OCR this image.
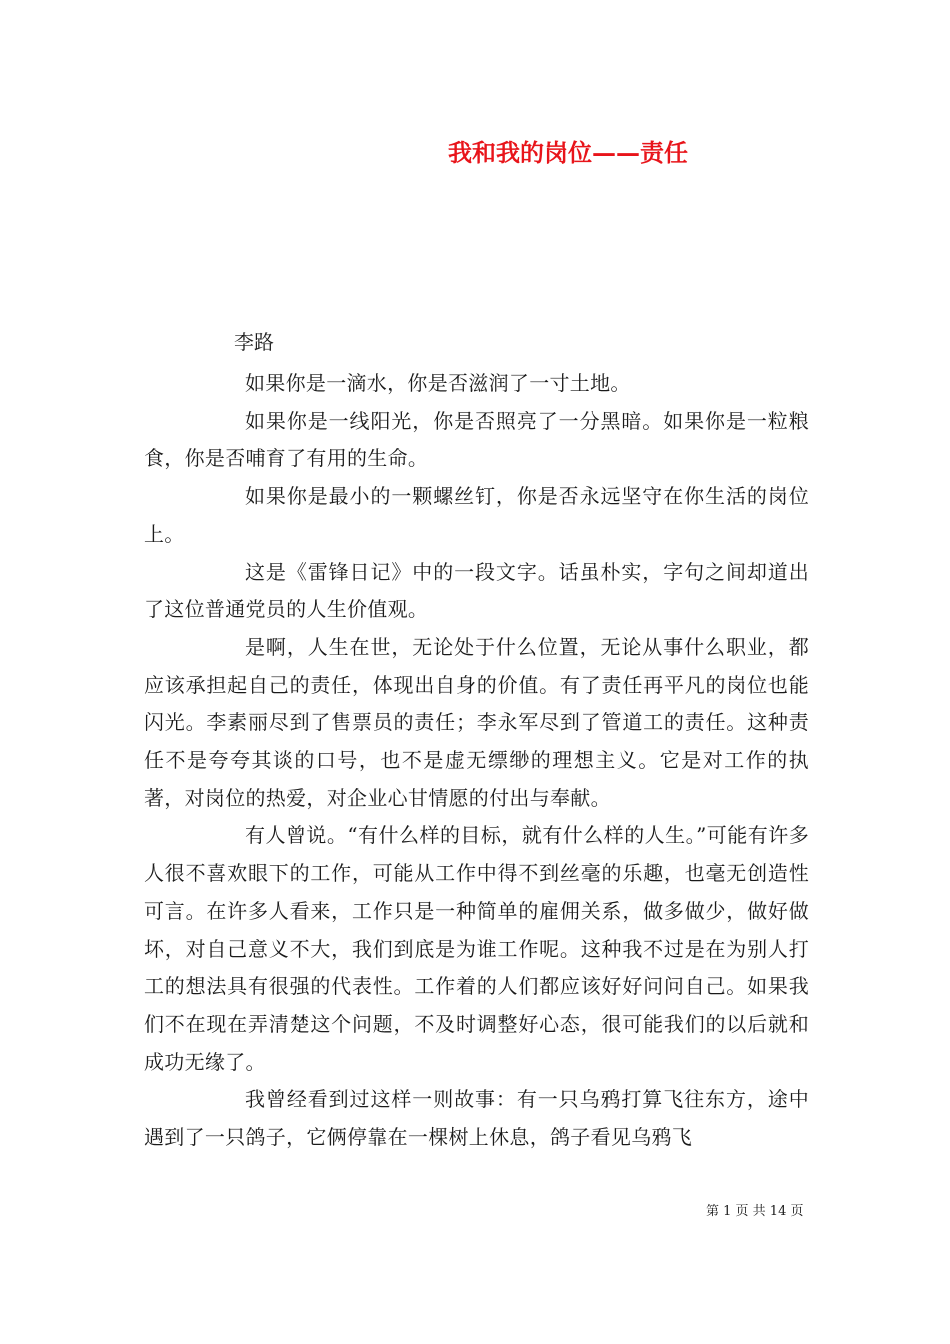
我和我的岗位——责任
李路

如果你是一滴水，你是否滋润了一寸土地。

如果你是一线阳光，你是否照亮了一分黑暗。如果你是一粒粮食，你是否哺育了有用的生命。

如果你是最小的一颗螺丝钉，你是否永远坚守在你生活的岗位上。

这是《雷锋日记》中的一段文字。话虽朴实，字句之间却道出了这位普通党员的人生价值观。

是啊，人生在世，无论处于什么位置，无论从事什么职业，都应该承担起自己的责任，体现出自身的价值。有了责任再平凡的岗位也能闪光。李素丽尽到了售票员的责任；李永军尽到了管道工的责任。这种责任不是夸夸其谈的口号，也不是虚无缥缈的理想主义。它是对工作的执著，对岗位的热爱，对企业心甘情愿的付出与奉献。

有人曾说。“有什么样的目标，就有什么样的人生。”可能有许多人很不喜欢眼下的工作，可能从工作中得不到丝毫的乐趣，也毫无创造性可言。在许多人看来，工作只是一种简单的雇佣关系，做多做少，做好做坏，对自己意义不大，我们到底是为谁工作呢。这种我不过是在为别人打工的想法具有很强的代表性。工作着的人们都应该好好问问自己。如果我们不在现在弄清楚这个问题，不及时调整好心态，很可能我们的以后就和成功无缘了。

我曾经看到过这样一则故事：有一只乌鸦打算飞往东方，途中遇到了一只鸽子，它俩停靠在一棵树上休息，鸽子看见乌鸦飞

第 1 页 共 14 页
